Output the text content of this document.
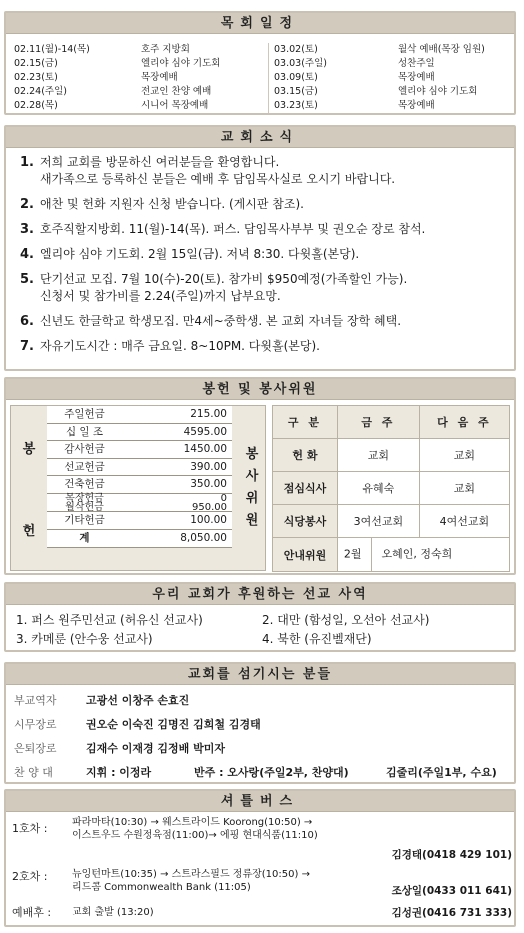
목회일정
02.11(월)-14(목)	호주 지방회	03.02(토)	월삭 예배(목장 임원)
02.15(금)	엘리야 심야 기도회	03.03(주일)	성찬주일
02.23(토)	목장예배	03.09(토)	목장예배
02.24(주일)	전교인 찬양 예배	03.15(금)	엘리야 심야 기도회
02.28(목)	시니어 목장예배	03.23(토)	목장예배
교회소식
1. 저희 교회를 방문하신 여러분들을 환영합니다.
새가족으로 등록하신 분들은 예배 후 담임목사실로 오시기 바랍니다.
2. 애찬 및 헌화 지원자 신청 받습니다. (게시판 참조).
3. 호주직할지방회. 11(월)-14(목). 퍼스. 담임목사부부 및 권오순 장로 참석.
4. 엘리야 심야 기도회. 2월 15일(금). 저녁 8:30. 다윗홀(본당).
5. 단기선교 모집. 7월 10(수)-20(토). 참가비 $950예정(가족할인 가능).
신청서 및 참가비를 2.24(주일)까지 납부요망.
6. 신년도 한글학교 학생모집. 만4세~중학생. 본 교회 자녀들 장학 혜택.
7. 자유기도시간 : 매주 금요일. 8~10PM. 다윗홀(본당).
봉헌 및 봉사위원
봉
헌
주일헌금	215.00
십 일 조	4595.00
감사헌금	1450.00
선교헌금	390.00
건축헌금	350.00
목장헌금	0
월삭헌금	950.00
기타헌금	100.00
계	8,050.00
봉
사
위
원
구 분	금 주	다 음 주
헌 화	교회	교회
점심식사	유혜숙	교회
식당봉사	3여선교회	4여선교회
안내위원	2월 오혜인, 정숙희	
우리 교회가 후원하는 선교 사역
1. 퍼스 원주민선교 (허유신 선교사)	2. 대만 (함성일, 오선아 선교사)
3. 카메룬 (안수웅 선교사)	4. 북한 (유진벨재단)
교회를 섬기시는 분들
부교역자	고광선 이창주 손효진
시무장로	권오순 이숙진 김명진 김희철 김경태
은퇴장로	김재수 이재경 김정배 박미자
찬 양 대	지휘 : 이정라	반주 : 오사랑(주일2부, 찬양대)	김줄리(주일1부, 수요)
셔틀버스
1호차 : 파라마타(10:30) → 웨스트라이드 Koorong(10:50) →
이스트우드 수원정육점(11:00)→ 에핑 현대식품(11:10)
김경태(0418 429 101)
2호차 : 뉴잉턴마트(10:35) → 스트라스필드 정류장(10:50) →
리드콤 Commonwealth Bank (11:05)	조상일(0433 011 641)
예배후 : 교회 출발 (13:20)	김성권(0416 731 333)
